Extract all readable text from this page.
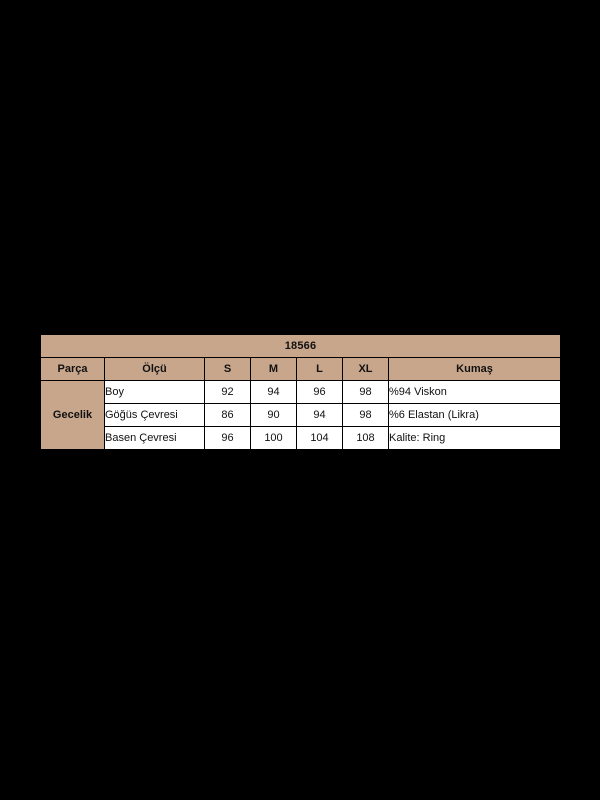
18566						
Parça	Ölçü	S	M	L	XL	Kumaş
Gecelik	Boy	92	94	96	98	%94 Viskon
	Göğüs Çevresi	86	90	94	98	%6 Elastan (Likra)
	Basen Çevresi	96	100	104	108	Kalite: Ring
